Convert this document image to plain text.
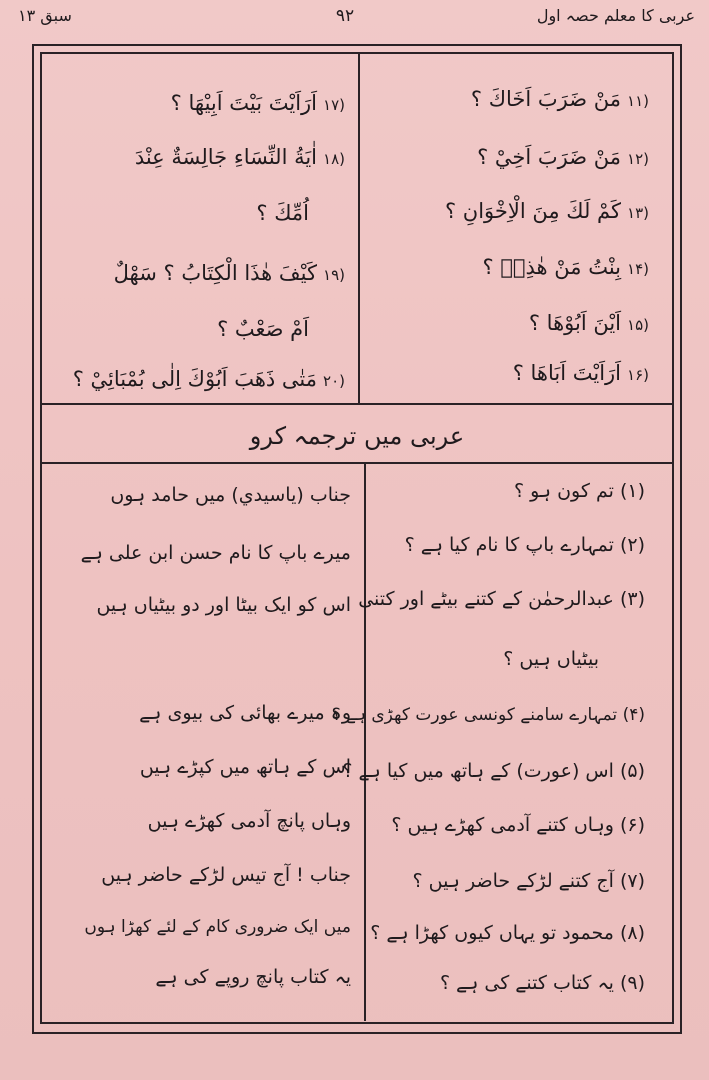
سبق ۱۳	۹۲	عربی کا معلم حصہ اول
(۱۱مَنْ ضَرَبَ اَخَاكَ ؟
(۱۲مَنْ ضَرَبَ اَخِيْ ؟
(۱۳كَمْ لَكَ مِنَ الْاِخْوَانِ ؟
(۱۴بِنْتُ مَنْ هٰذِهٖ ؟
(۱۵اَيْنَ اَبُوْهَا ؟
(۱۶اَرَاَيْتَ اَبَاهَا ؟
(۱۷اَرَاَيْتَ بَيْتَ اَبِيْهَا ؟
(۱۸اٰيَةُ النِّسَاءِ جَالِسَةٌ عِنْدَ
اُمِّكَ ؟
(۱۹كَيْفَ هٰذَا الْكِتَابُ ؟ سَهْلٌ
اَمْ صَعْبٌ ؟
(۲۰مَتٰى ذَهَبَ اَبُوْكَ اِلٰى بُمْبَائِيْ ؟
عربی میں ترجمہ کرو
(۱) تم کون ہو ؟
(۲) تمہارے باپ کا نام کیا ہے ؟
(۳) عبدالرحمٰن کے کتنے بیٹے اور کتنی
بیٹیاں ہیں ؟
(۴) تمہارے سامنے کونسی عورت کھڑی ہے ؟
(۵) اس (عورت) کے ہاتھ میں کیا ہے ؟
(۶) وہاں کتنے آدمی کھڑے ہیں ؟
(۷) آج کتنے لڑکے حاضر ہیں ؟
(۸) محمود تو یہاں کیوں کھڑا ہے ؟
(۹) یہ کتاب کتنے کی ہے ؟
جناب (یاسیدي) میں حامد ہوں
میرے باپ کا نام حسن ابن علی ہے
اس کو ایک بیٹا اور دو بیٹیاں ہیں
وہ میرے بھائی کی بیوی ہے
اس کے ہاتھ میں کپڑے ہیں
وہاں پانچ آدمی کھڑے ہیں
جناب ! آج تیس لڑکے حاضر ہیں
میں ایک ضروری کام کے لئے کھڑا ہوں
یہ کتاب پانچ روپے کی ہے
